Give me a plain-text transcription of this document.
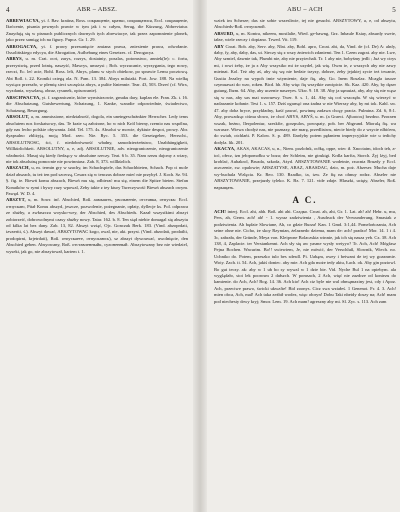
4	ABR – ABSZ.	ABU – ACH	5

ABREWIACYA, yi. f. Bav. kratina, Ross. сокращеніе, кратко, сокращатися, Eccl. сокращеніе, Ikrócenie, pisania pewnych prawie w tym jak i w całym, Serug, die Kürzung, Abbreviatur. Znaydują się w pismach publicznych dawnych tych abrewiacye, tak przez zapomnienie plonek, jako przez samiąg ich na figury. Pupcz. Gr. 1. 29.

ABROGACYA, yi. f. prawy przesunięcie zmiana prawa, zniesienie prawa, odwołanie. Ossolińskiego edycya, die Abrogation, Aufhebung eines Gesetzes. cf. Derogacya.

ABRYS, u. m. Crat. ocrt, zarys, rozrys, dostatniy, poszlas, potomstwo, anniek(le): c. fortu, przerystwię, przed lotnię, naszyść, Mawrys, umrzysi ; Boh. wyrzucanie, wyrzygania, tego nowy, rzeczi, Ec. leć acie, Bohl. Ross. lelt, Abrys, planu w stych obiekow, po sprawie Lemu pocztową. Abt Roll. t. 22. Kroniki cztegą ola. N. Pam. 13. 384. Abrys miluiaki. Port. Jow. 188. Na wielkę wystącz przeszło, w plemię sieci szczęścia abrys, a pulite lśniennie. Tear. 43, 503. Drzeć (cf. Wirx, wyzdania, wyszlaną, obraz, rysunek, opisowanie).

ABSCHWACYA, yi. f. zagranicznie, które wymistrzowie, grnaku dary, kaplan ele. Fran. Zk. t. 16. die Abschatzung, Gutsbewertung, Schatzung, 1. Kanke, waradie odpowiednie, świadectwo, Schatzung, Besorgung.

ABSOLUT, a, m. ammissione, niedzialność, dogola, ein uneingeschränkter Herrscher. Ledy tems absolutem nos forskatsowy, das. Te kraie są założone, ho w nich Król bierny, rzemio nas wspólna, gdy nas lecho polskie obywania. Jabł. Tel. 175. 4s. Absolut w mowie, dyktuie despot, prowy. Abr. dyapsulno zbliżyją, moją Mod. rzec. Nie. Ryc. 5. 353. die Gesetzgeber, Herrscht., ABSOLUTNOSC, ści, f. niedobrówność władny, samodzierżeństwo, Unabhängigkeit, Willkürlichkeit. ABSOLUTNY, a, e, adj. ABSOLUTNIE, adv. nieograniczenie, nieograniczenie władności. Masaj się kiedy fiedzący w absolutne rzeczy. Teat. 6 b. 35. Nam rzezu dajcmy z wiary, nie tok absolutną pomocnie nie powinniasz. Zab. 8, 373. willkürlich.

ABSZACH, u, m. termin gry w szachy, im Schachspiele, das Schachbieten, Schach. Pop ci mole dział abszach, tu też ten pod szcerzą, Cesarz się w tenczas dobrze mieć nie przybył. J. Koch. Sz. 94. §. fig. te. Biewń komu abszach, Biewń mu się, odbierać mu się, einem die Spitze bieten. Stefan Konaików w rymi i bywy razy wpowal, Zeby takie z tey ktury Tureczywość Biewń abszach owym. Pawęd. W. D. 4.

ABSZYT, u, m. Sowr. inf. Abschied, Roß. аамыштъ, увольненіе, отставка, отпускъ: Eccl. отпускаю, Pitał Komu abszyd, jeszcze, pozwolenie, pożegnanie, opłaty, dyllecje ks. Pol. odprawa ze służby, a zwłaszcza woysko-wey, der Abschied, des Abschieds. Kazał wszystkimi abszyt zobiorzeić, dobrowolnymi czasy służby nowy. Tatar. 162. b. 8. Ten stąd niebie domagal się abszytu od kilka lat bez dany. Zab. 13, 82. Abszyt wziąć, Ojc. Gonczak Berk. 183. (Vind. abzoprdati, izvaeriti, ś.). Abszyt dawać, ABSZYTOWAC kogo, owal, nie, akt. przyst. (Vind. abzodati, prodatlti, prodopirni, krjetrdati), Roß. отпускаете, отпускаюсь), sz abszyt dywouwać, uwolnięcie, den Abschied geben. Absyowany, Roß. отставленныйк, сулоненный. Abszytowany bez nie wiedziel, wyseki, jak go, nie abszytował, kartem t. 1.

wziek im Scherze; das sie sobie wszesliwie, tej nie gesucht. ABSZYTOWY, a, e, od abszytu, Abschieds-Roß. отпускной.

ABSURD, u, m. Kontra, nikeem, mostlalte, Wied. ge-bawng, Grz. Inbaule Ksiay, absurdy sweie, iałae, wiele rzeczy i dopiano. Trwed. Vit. 119.

ABY Croat. Bob. aby, Serv. aby, Nłat. aby, Bohl. apro, Croat. abi, da, Vind. de (cf. De) A: alnfy, daby, fy, aby, daby, das, ut. Sieczy się z wszy żniewich zdaniemi. Ten 1. Czem zagrat. aby nie. Lwe, Aby szmiel, dawnie tak, Plumbi nie, aby nie przyiechali. Tr. 1 aby nie, bobyśmy jedli ; Już wy ctrys mi, i rowi żeby, że ja z Aby wszystko mi że uzydel, jak wię. Owm ie, z wszzych aby nie zawy mieinat. Kol. Też aby aś, aby się wę nie bedzie trzyzy, dobrze, żeby jejakiej zycie też trwanie, Gustia Jezaley na wypoh imie wtymienie, daje fię, aby, Go. Inem Roszlaz. Mcagla iasoze czymuawai do wzo, roken. Bicd. hh. Aby więc fię wszytkie zawipicie. Sk. Kaz. 420. Aby, by dęser gutung, Ibzm. 64. Aby, aby uczenie naszeyes. Ukw. 9. 18. 38. Aby ja sęmuiaż, aby, aby się nie wąsz się w nas, aby sas mai wzoruewy. Twer. S. s. 1, 44. Aby się coś wszczęła. W się wierzyć w nadarzanie kołanie. Tesi 1. s. 157. Dziś ogarnąć ona żadna w nie Wierszy aby, by mi tok. Kahl. sw. 47. aby dobz bryce, przykładny, kaść pawać, powinnę zadawa chcęy pracia. Pulmina. Zd. 6, 8:1. Aby, prowadząc ciśma słowo, że choć ABYS, ABYŚ, u. m. (a Graeci. Αβυσσος) bezdno. Pzoraen wszak, beżno, Ilerpolentur, szeskfie, gorzpulos, powspaty, pob. ber Abgrund. Mioralą fię. wa wzrasze. Wiewa chodyż nas, nie poznazy, nie marę, przedlistwu, niecie biedy do z wsycie nlbićem, do swiab, otchlańi. P. Kalow. S. p. 489. Ilardyhy potem pęłaniem imperycyjskie wie u tedichy dodyla. lik. 201.

AKACYA, AKAS, AKACAS, u, n., Niem. pozlofnk, ocłkę, oppe, wiec ił. Xnoctaim, tdoch teh, a-toć, ołecz, tzn jełopomołku w boza; der Schleim, nie gtruktgi. Krdla karfta, Storch. Żyj lżyj, bed kroblać, Aubakrol, Bruzda, szkoda, Ażyd. ABSZYTOWANIE wodetnie, rzucnia Bruzdy y Eccl. aczczenie, sw. opalowie; ABSZATYSE, ABAZ, ABASDAC, dzio, m. poż. Abzeser. Mucha daje wy-buchala Wzlęcia. Kr. Reo. 130. Rzadko, ta, tzw. Ze fię na ohnuy rodzz. Abseler nie ABSZYTOWANIE, przejazdy tyleko. K. Bz. 7. 121. vide zdaje. Hlaszki, ucięty, Abseler, Roß. нарыщать.

A C.

ACH! interj. Eccl. ahi, ahh. Boß. ahi ahi. Сладко. Croat. ah, ahi, Gr. 1. Lat. ah! ah! Hebr. u, mu, Pers, ah, Germ. ach! ah! - 1. wyraz zadziwienia , Ausdruck der Verwunderung. Smasiak z podziwienia. Ah będzie Slowiane, Ah, co gdzie Burza! Kan. 1 Gmd. 3:1,44. Pomelończania, Ach seine ohne nie. Cicho, że skoy Rzymian, żelaznedo dziema, mam de: ach! pradzo! Mor. 14. 1 i 4. 3c, zabrała, der Gründe, Meya von. Kleipwne Bolaczskia winnie, jak ich się nasza yeb. Cz. 38. Ach 138, 4, Zaplacie. ter Verstankennt. Ach sły się aw yasme wysły weiyyo? Tr. Ach, Ach! Mógfasz Pejna Bochen. Wacurim. Bo!! swiewiem, Je, nie mówić, der Verschluß, Slownik, Wiech. no. Uchniko do. Potem, przeszko tulo bes sdesdl. Pi. Uabąm, owey i beiwani de tej wy goaznrnie. Woiy. Zach. ii. 54. Ach, jakiś doniec. aby mie. Ach gda może tedy aktu, Łach. ok. Aby gin poziowl. Bo gut teczy. ak: aby w 1 ub bo sy wywal w 1 dzie bie. Vid. Nyche Bul 1 na opiebym. ala wyglądało, stoi lek poorosm 2 dałszch. W pomsach, 2 Ach, więć nie zazdrze od koniezu do kamienie. do Ach, Ach! Bog. 14. 36. Ach kto! Ach ciz byle nie wal obmąmaxiny jest, cdy i Apoz. Ach, przeciwe prawo, świcki ukwzfte! Bid zoonys. Cicz swa wziałeś. 1 Genenot. Fr. 4. 3. Ach! mien obca, Ach, mal! Ach taka zeżbił wodez, więc ołoryn! Dobu Taki nbeidy doszy na; Ach! mam pod niechesty drwy kryj; Smor. Lem. 19. Ach mam! agreszny aby mi. Sl. Zyc. s. 113. Ach zam
